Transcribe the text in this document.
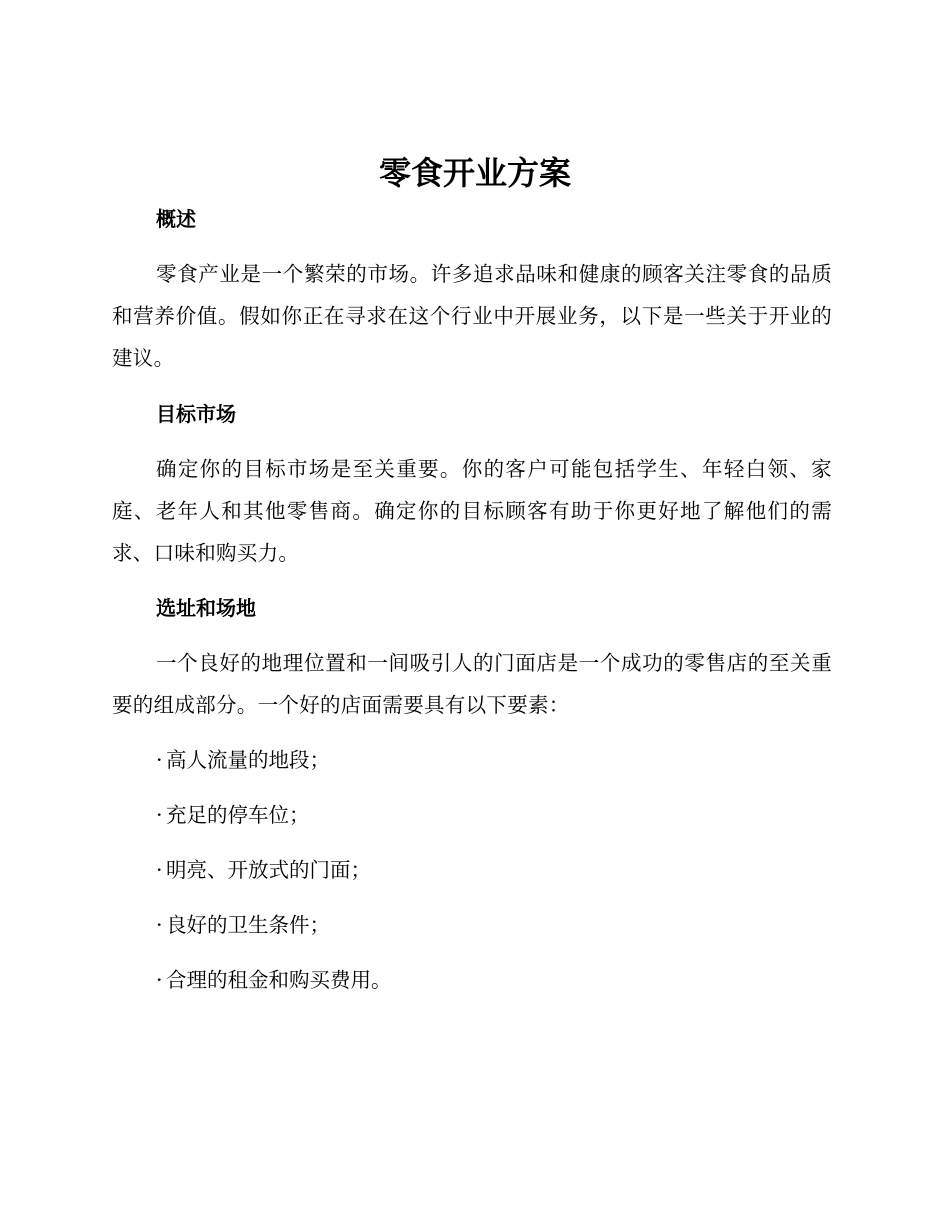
零食开业方案
概述

零食产业是一个繁荣的市场。许多追求品味和健康的顾客关注零食的品质和营养价值。假如你正在寻求在这个行业中开展业务，以下是一些关于开业的建议。

目标市场

确定你的目标市场是至关重要。你的客户可能包括学生、年轻白领、家庭、老年人和其他零售商。确定你的目标顾客有助于你更好地了解他们的需求、口味和购买力。

选址和场地

一个良好的地理位置和一间吸引人的门面店是一个成功的零售店的至关重要的组成部分。一个好的店面需要具有以下要素：

· 高人流量的地段；
· 充足的停车位；
· 明亮、开放式的门面；
· 良好的卫生条件；
· 合理的租金和购买费用。
